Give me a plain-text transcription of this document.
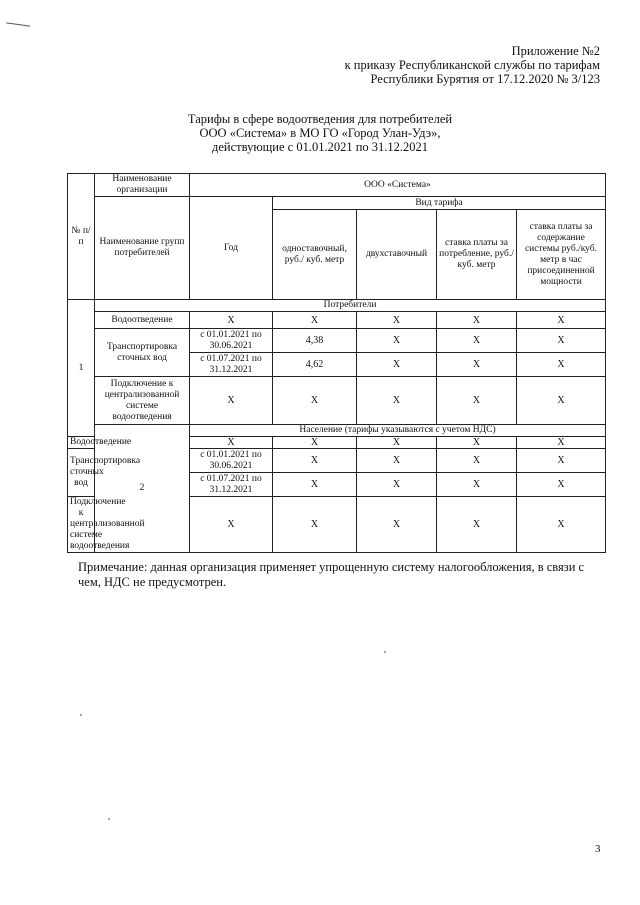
Приложение №2
к приказу Республиканской службы по тарифам
Республики Бурятия от 17.12.2020 № 3/123
Тарифы в сфере водоотведения для потребителей
ООО «Система» в МО ГО «Город Улан-Удэ»,
действующие с 01.01.2021 по 31.12.2021
№ п/п	Наименование организации	ООО «Система»				
	Наименование групп потребителей	Год	Вид тарифа			
			одноставочный, руб./ куб. метр	двухставочный	ставка платы за потребление, руб./ куб. метр	ставка платы за содержание системы руб./куб. метр в час присоединенной мощности
1	Потребители					
	Водоотведение	Х	Х	Х	Х	Х
	Транспортировка сточных вод	с 01.01.2021 по 30.06.2021	4,38	Х	Х	Х
		с 01.07.2021 по 31.12.2021	4,62	Х	Х	Х
	Подключение к централизованной системе водоотведения	Х	Х	Х	Х	Х
	2	Население (тарифы указываются с учетом НДС)				
Водоотведение		Х	Х	Х	Х	Х
Транспортировка сточных вод		с 01.01.2021 по 30.06.2021	Х	Х	Х	Х
		с 01.07.2021 по 31.12.2021	Х	Х	Х	Х
Подключение к централизованной системе водоотведения		Х	Х	Х	Х	Х
Примечание: данная организация применяет упрощенную систему налогообложения, в связи с чем, НДС не предусмотрен.
3
